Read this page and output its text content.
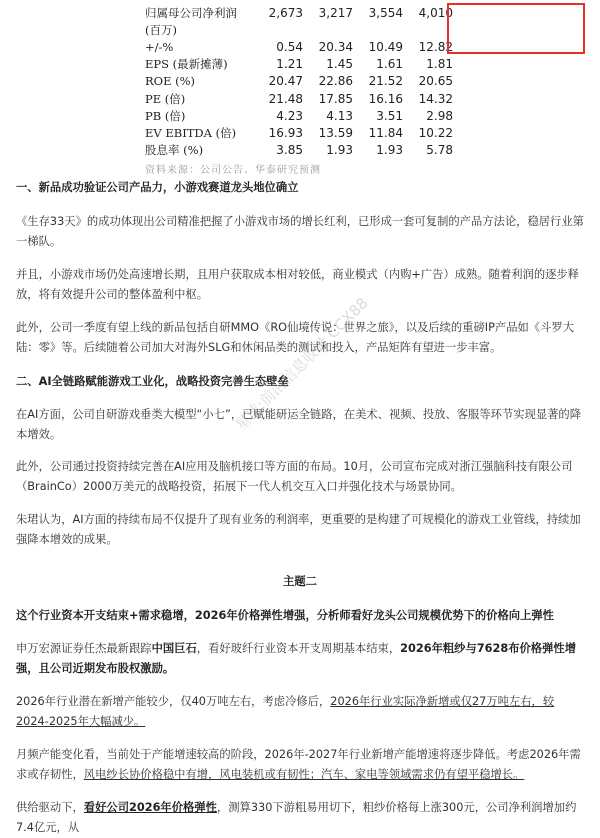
归属母公司净利润	2,673	3,217	3,554	4,010
(百万)				
+/-%	0.54	20.34	10.49	12.82
EPS (最新摊薄)	1.21	1.45	1.61	1.81
ROE (%)	20.47	22.86	21.52	20.65
PE (倍)	21.48	17.85	16.16	14.32
PB (倍)	4.23	4.13	3.51	2.98
EV EBITDA (倍)	16.93	13.59	11.84	10.22
股息率 (%)	3.85	1.93	1.93	5.78
资料来源：公司公告、华泰研究预测

一、新品成功验证公司产品力，小游戏赛道龙头地位确立

《生存33天》的成功体现出公司精准把握了小游戏市场的增长红利，已形成一套可复制的产品方法论，稳居行业第一梯队。

并且，小游戏市场仍处高速增长期，且用户获取成本相对较低，商业模式（内购+广告）成熟。随着利润的逐步释放，将有效提升公司的整体盈利中枢。

此外，公司一季度有望上线的新品包括自研MMO《RO仙境传说：世界之旅》，以及后续的重磅IP产品如《斗罗大陆：零》等。后续随着公司加大对海外SLG和休闲品类的测试和投入，产品矩阵有望进一步丰富。

二、AI全链路赋能游戏工业化，战略投资完善生态壁垒

在AI方面，公司自研游戏垂类大模型“小七”，已赋能研运全链路，在美术、视频、投放、客服等环节实现显著的降本增效。

此外，公司通过投资持续完善在AI应用及脑机接口等方面的布局。10月，公司宣布完成对浙江强脑科技有限公司（BrainCo）2000万美元的战略投资，拓展下一代人机交互入口并强化技术与场景协同。

朱珺认为，AI方面的持续布局不仅提升了现有业务的利润率，更重要的是构建了可规模化的游戏工业管线，持续加强降本增效的成果。

主题二

这个行业资本开支结束+需求稳增，2026年价格弹性增强，分析师看好龙头公司规模优势下的价格向上弹性

申万宏源证券任杰最新跟踪中国巨石，看好玻纤行业资本开支周期基本结束，2026年粗纱与7628布价格弹性增强，且公司近期发布股权激励。

2026年行业潜在新增产能较少，仅40万吨左右，考虑冷修后，2026年行业实际净新增或仅27万吨左右，较2024-2025年大幅减少。

月频产能变化看，当前处于产能增速较高的阶段，2026年-2027年行业新增产能增速将逐步降低。考虑2026年需求或存韧性，风电纱长协价格稳中有增，风电装机或有韧性；汽车、家电等领域需求仍有望平稳增长。

供给驱动下，看好公司2026年价格弹性，测算330下游粗易用切下，粗纱价格每上涨300元，公司净利润增加约7.4亿元，从

星球:前沿信息收录 CCX88
